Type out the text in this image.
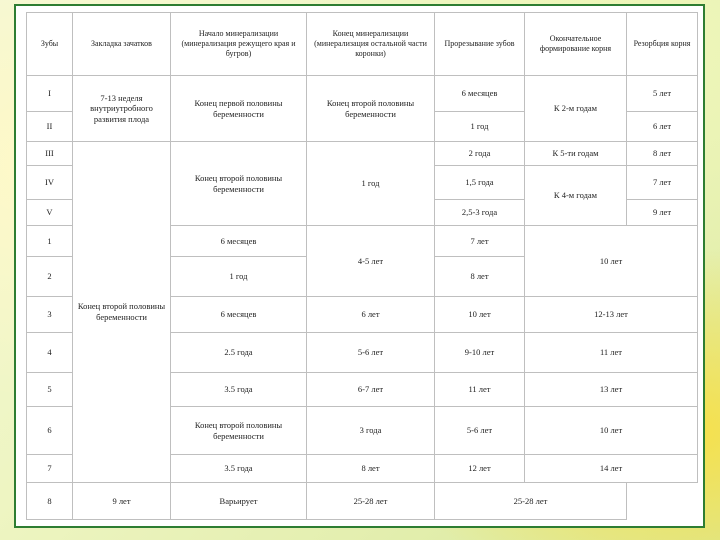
Зубы	Закладка зачатков	Начало минерализации (минерализация режущего края и бугров)	Конец минерализации (минерализация остальной части коронки)	Прорезывание зубов	Окончательное формирование корня	Резорбция корня
I	7-13 неделя внутриутробного развития плода	Конец первой половины беременности	Конец второй половины беременности	6 месяцев	К 2-м годам	5 лет
II				1 год		6 лет
III	Конец второй половины беременности	Конец второй половины беременности	1 год	2 года	К 5-ти годам	8 лет
IV				1,5 года	К 4-м годам	7 лет
V				2,5-3 года		9 лет
1		6 месяцев	4-5 лет	7 лет	10 лет	
2		1 год		8 лет		
3		6 месяцев	6 лет	10 лет	12-13 лет	
4		2.5 года	5-6 лет	9-10 лет	11 лет	
5		3.5 года	6-7 лет	11 лет	13 лет	
6		Конец второй половины беременности	3 года	5-6 лет	10 лет	
7		3.5 года	8 лет	12 лет	14 лет	
8	9 лет	Варьирует	25-28 лет	25-28 лет		
